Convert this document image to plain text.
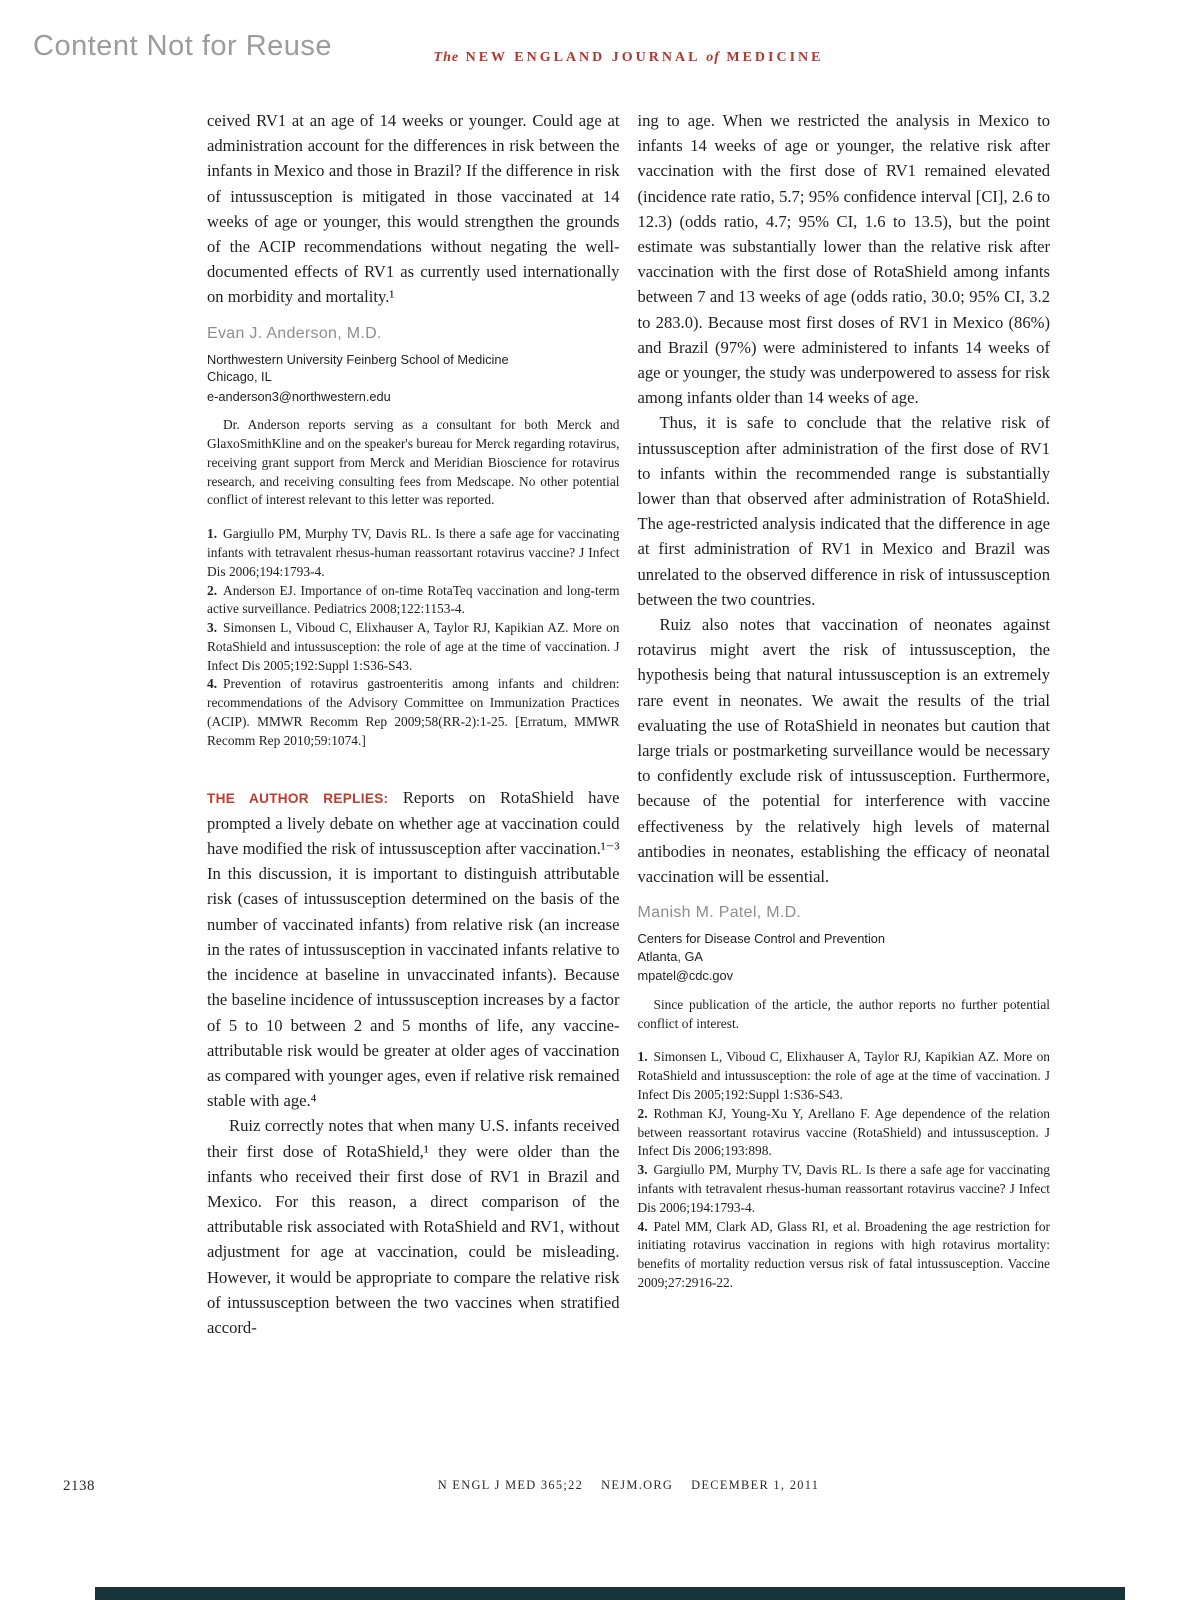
Content Not for Reuse	The NEW ENGLAND JOURNAL of MEDICINE

ceived RV1 at an age of 14 weeks or younger. Could age at administration account for the differences in risk between the infants in Mexico and those in Brazil? If the difference in risk of intussusception is mitigated in those vaccinated at 14 weeks of age or younger, this would strengthen the grounds of the ACIP recommendations without negating the well-documented effects of RV1 as currently used internationally on morbidity and mortality.¹

Evan J. Anderson, M.D.
Northwestern University Feinberg School of Medicine
Chicago, IL
e-anderson3@northwestern.edu

Dr. Anderson reports serving as a consultant for both Merck and GlaxoSmithKline and on the speaker's bureau for Merck regarding rotavirus, receiving grant support from Merck and Meridian Bioscience for rotavirus research, and receiving consulting fees from Medscape. No other potential conflict of interest relevant to this letter was reported.

1. Gargiullo PM, Murphy TV, Davis RL. Is there a safe age for vaccinating infants with tetravalent rhesus-human reassortant rotavirus vaccine? J Infect Dis 2006;194:1793-4.

2. Anderson EJ. Importance of on-time RotaTeq vaccination and long-term active surveillance. Pediatrics 2008;122:1153-4.

3. Simonsen L, Viboud C, Elixhauser A, Taylor RJ, Kapikian AZ. More on RotaShield and intussusception: the role of age at the time of vaccination. J Infect Dis 2005;192:Suppl 1:S36-S43.

4. Prevention of rotavirus gastroenteritis among infants and children: recommendations of the Advisory Committee on Immunization Practices (ACIP). MMWR Recomm Rep 2009;58(RR-2):1-25. [Erratum, MMWR Recomm Rep 2010;59:1074.]

THE AUTHOR REPLIES: Reports on RotaShield have prompted a lively debate on whether age at vaccination could have modified the risk of intussusception after vaccination.¹⁻³ In this discussion, it is important to distinguish attributable risk (cases of intussusception determined on the basis of the number of vaccinated infants) from relative risk (an increase in the rates of intussusception in vaccinated infants relative to the incidence at baseline in unvaccinated infants). Because the baseline incidence of intussusception increases by a factor of 5 to 10 between 2 and 5 months of life, any vaccine-attributable risk would be greater at older ages of vaccination as compared with younger ages, even if relative risk remained stable with age.⁴

Ruiz correctly notes that when many U.S. infants received their first dose of RotaShield,¹ they were older than the infants who received their first dose of RV1 in Brazil and Mexico. For this reason, a direct comparison of the attributable risk associated with RotaShield and RV1, without adjustment for age at vaccination, could be misleading. However, it would be appropriate to compare the relative risk of intussusception between the two vaccines when stratified accord-

ing to age. When we restricted the analysis in Mexico to infants 14 weeks of age or younger, the relative risk after vaccination with the first dose of RV1 remained elevated (incidence rate ratio, 5.7; 95% confidence interval [CI], 2.6 to 12.3) (odds ratio, 4.7; 95% CI, 1.6 to 13.5), but the point estimate was substantially lower than the relative risk after vaccination with the first dose of RotaShield among infants between 7 and 13 weeks of age (odds ratio, 30.0; 95% CI, 3.2 to 283.0). Because most first doses of RV1 in Mexico (86%) and Brazil (97%) were administered to infants 14 weeks of age or younger, the study was underpowered to assess for risk among infants older than 14 weeks of age.

Thus, it is safe to conclude that the relative risk of intussusception after administration of the first dose of RV1 to infants within the recommended range is substantially lower than that observed after administration of RotaShield. The age-restricted analysis indicated that the difference in age at first administration of RV1 in Mexico and Brazil was unrelated to the observed difference in risk of intussusception between the two countries.

Ruiz also notes that vaccination of neonates against rotavirus might avert the risk of intussusception, the hypothesis being that natural intussusception is an extremely rare event in neonates. We await the results of the trial evaluating the use of RotaShield in neonates but caution that large trials or postmarketing surveillance would be necessary to confidently exclude risk of intussusception. Furthermore, because of the potential for interference with vaccine effectiveness by the relatively high levels of maternal antibodies in neonates, establishing the efficacy of neonatal vaccination will be essential.

Manish M. Patel, M.D.
Centers for Disease Control and Prevention
Atlanta, GA
mpatel@cdc.gov

Since publication of the article, the author reports no further potential conflict of interest.

1. Simonsen L, Viboud C, Elixhauser A, Taylor RJ, Kapikian AZ. More on RotaShield and intussusception: the role of age at the time of vaccination. J Infect Dis 2005;192:Suppl 1:S36-S43.

2. Rothman KJ, Young-Xu Y, Arellano F. Age dependence of the relation between reassortant rotavirus vaccine (RotaShield) and intussusception. J Infect Dis 2006;193:898.

3. Gargiullo PM, Murphy TV, Davis RL. Is there a safe age for vaccinating infants with tetravalent rhesus-human reassortant rotavirus vaccine? J Infect Dis 2006;194:1793-4.

4. Patel MM, Clark AD, Glass RI, et al. Broadening the age restriction for initiating rotavirus vaccination in regions with high rotavirus mortality: benefits of mortality reduction versus risk of fatal intussusception. Vaccine 2009;27:2916-22.

2138	N ENGL J MED 365;22 NEJM.ORG DECEMBER 1, 2011
